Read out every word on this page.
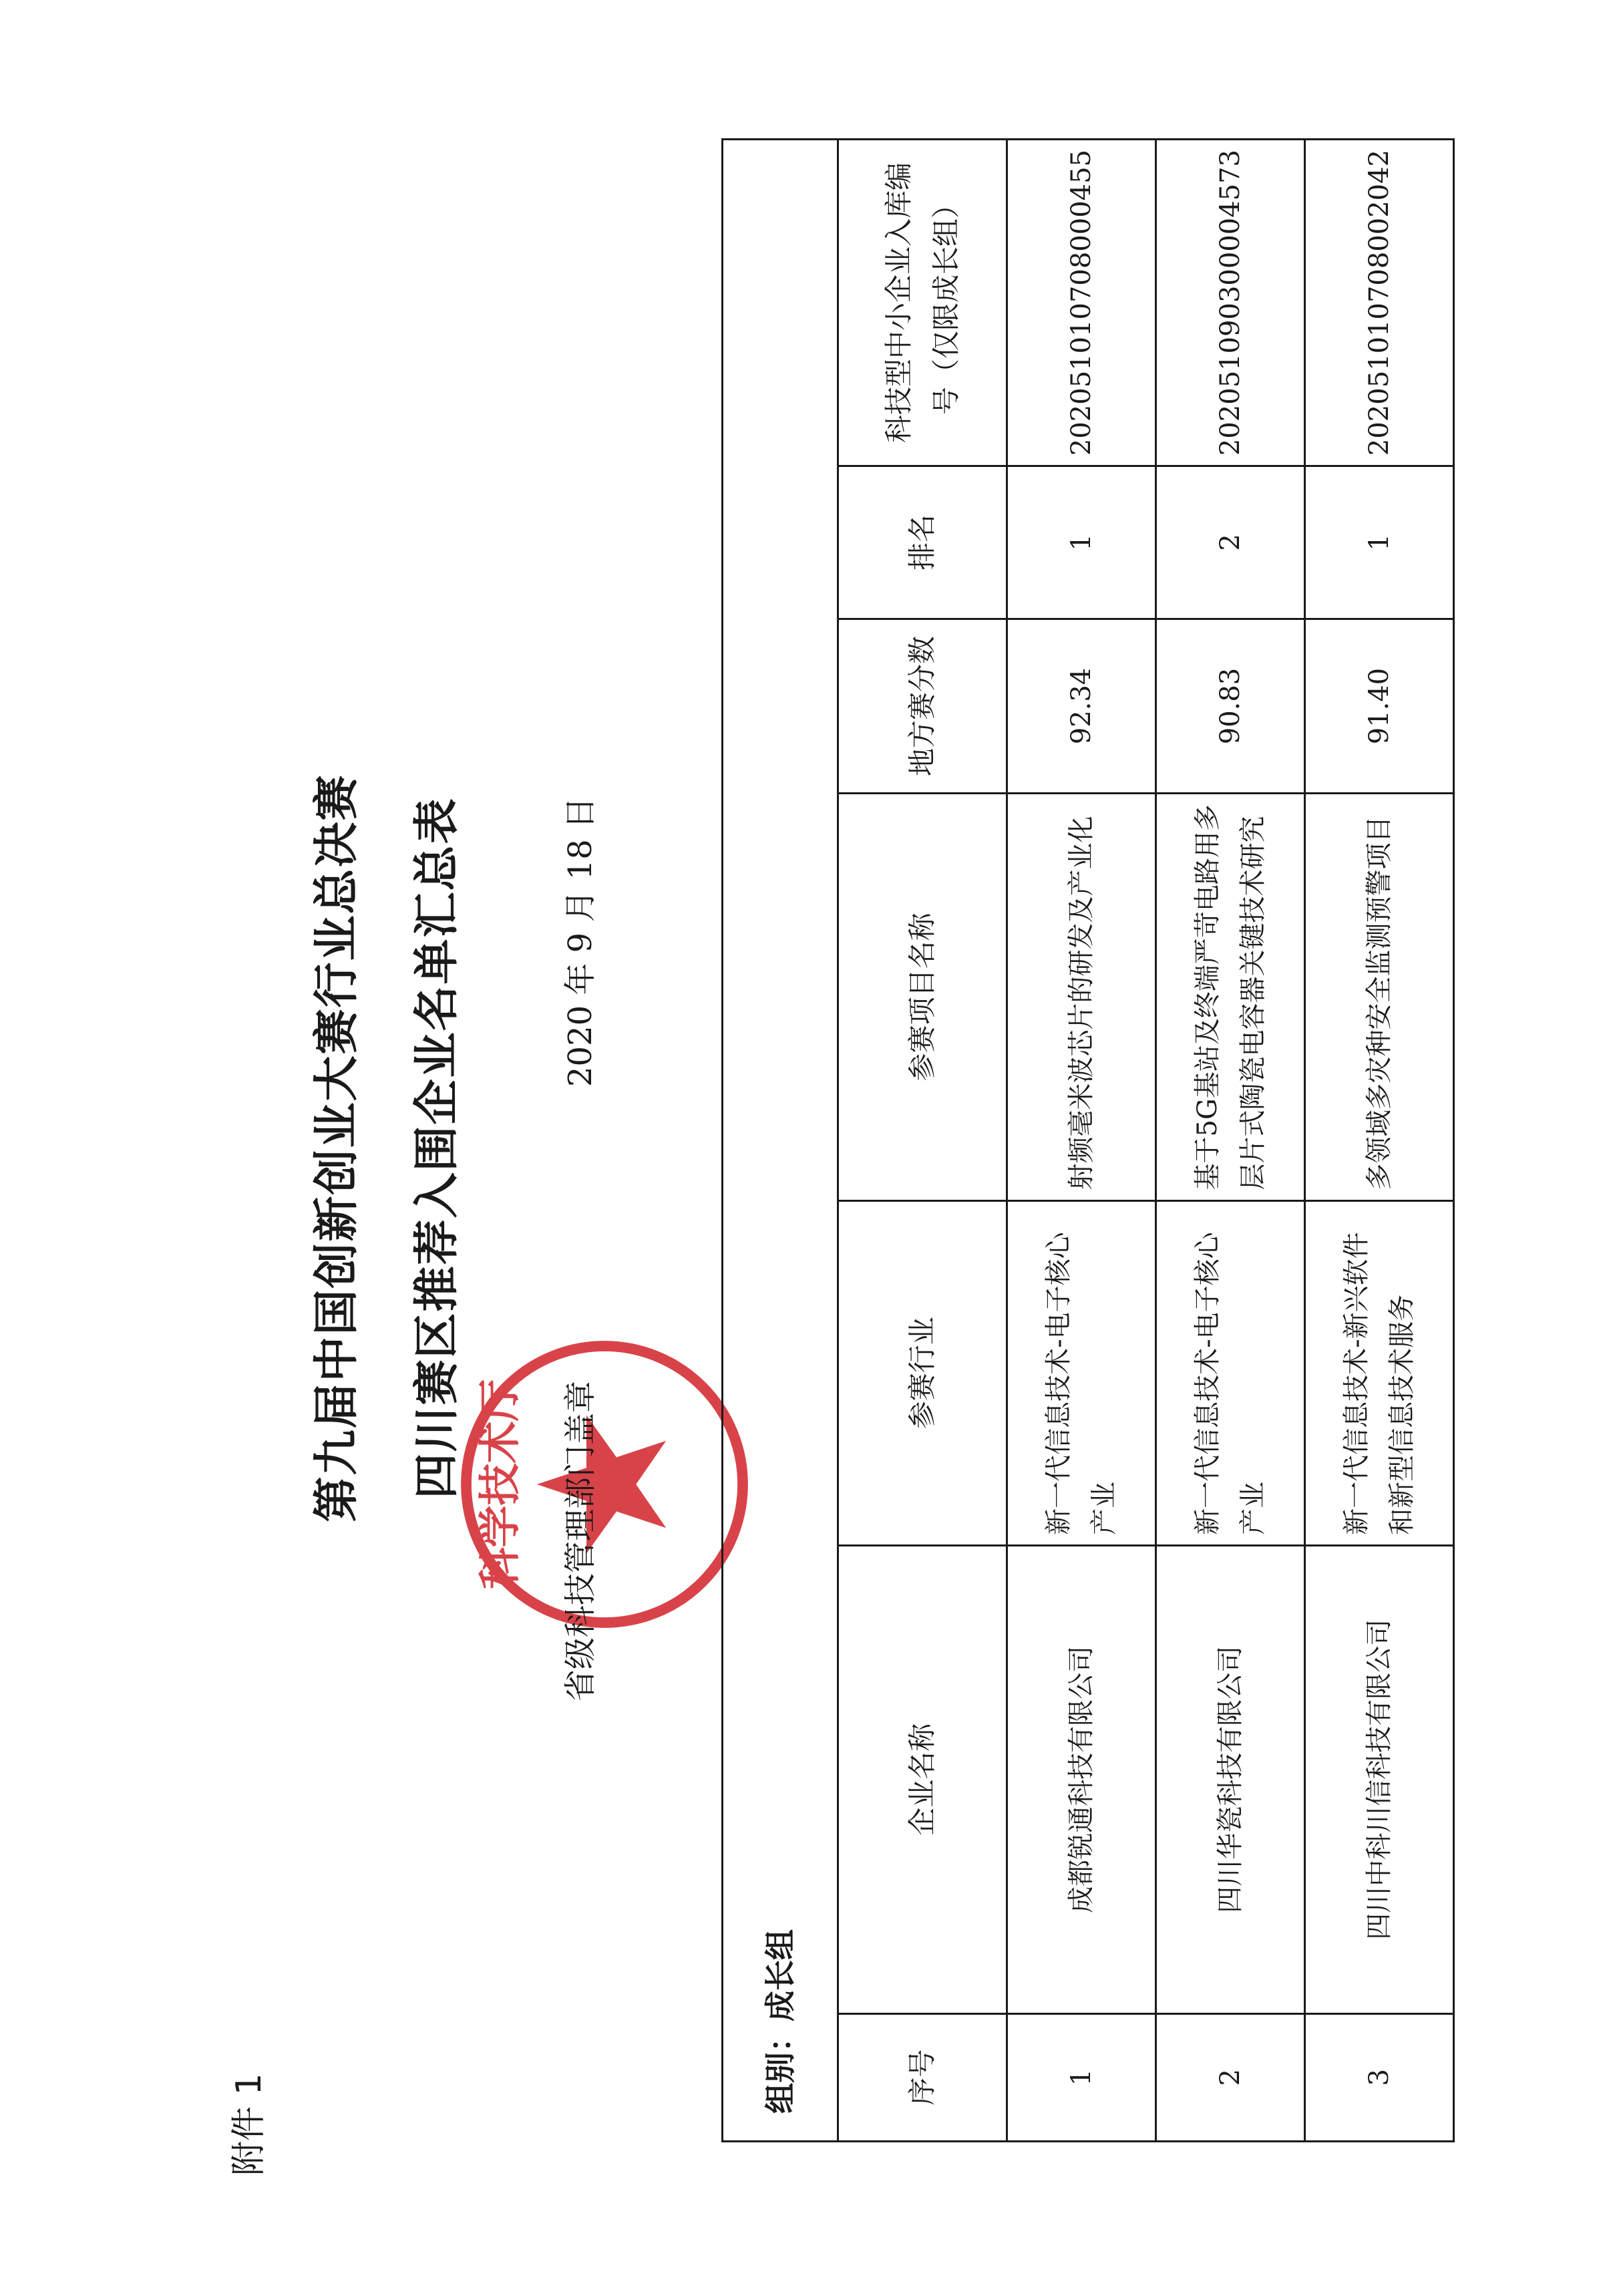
附件 1
第九届中国创新创业大赛行业总决赛 四川赛区推荐入围企业名单汇总表 科学技术厅 省级科技管理部门盖章
2020 年 9 月 18 日
组别：成长组						
序号	企业名称	参赛行业	参赛项目名称	地方赛分数	排名	科技型中小企业入库编号（仅限成长组）
1	成都锐通科技有限公司	新一代信息技术-电子核心产业	射频毫米波芯片的研发及产业化	92.34	1	20205101070800045​5
2	四川华瓷科技有限公司	新一代信息技术-电子核心产业	基于5G基站及终端严苛电路用多层片式陶瓷电容器关键技术研究	90.83	2	202051090300004573
3	四川中科川信科技有限公司	新一代信息技术-新兴软件和新型信息技术服务	多领域多灾种安全监测预警项目	91.40	1	202051010708002042
